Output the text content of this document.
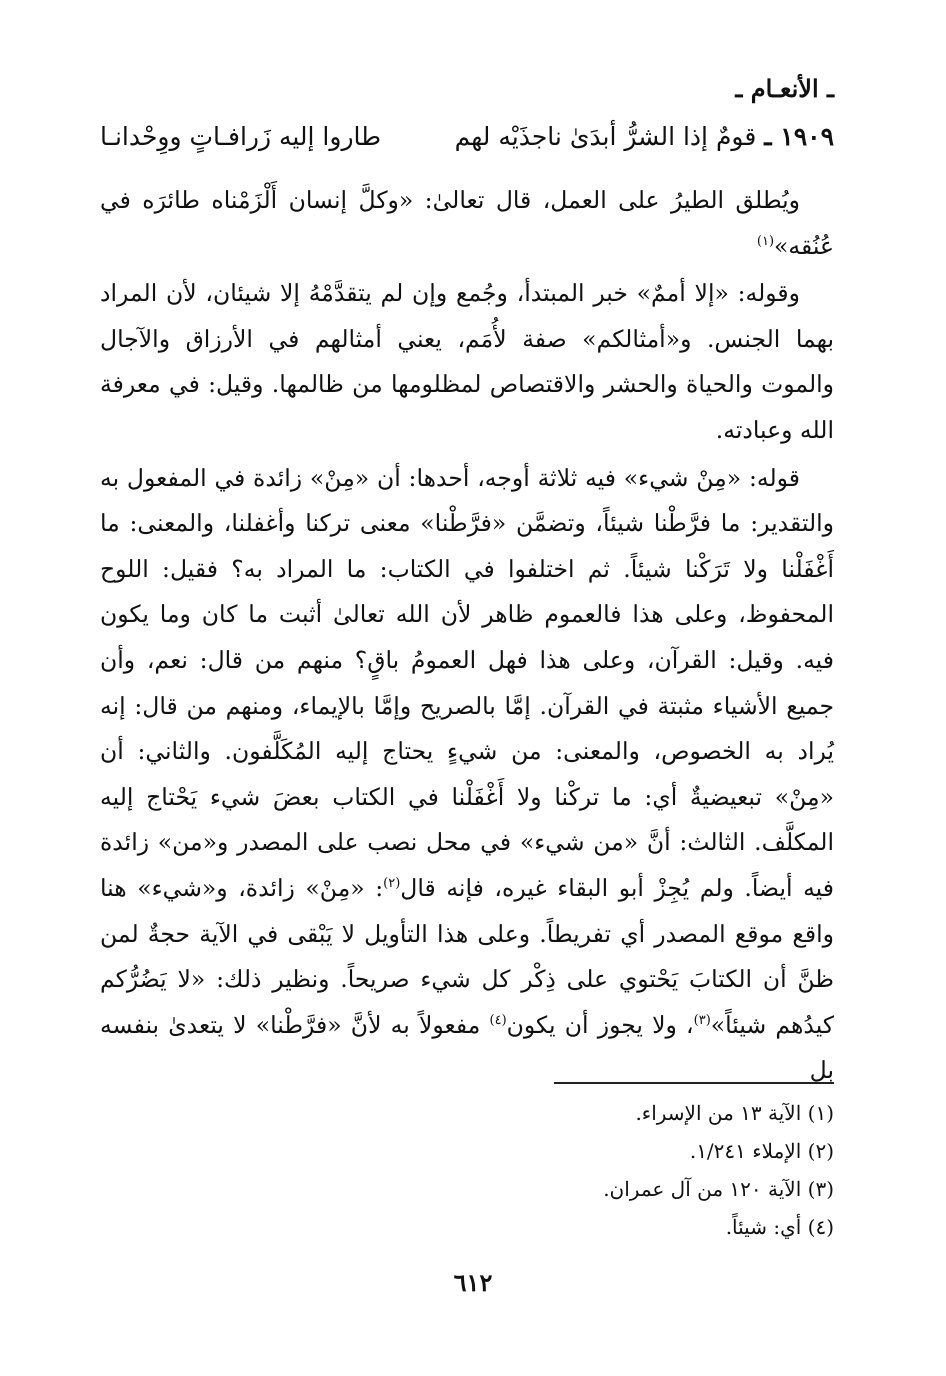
ـ الأنعـام ـ
١٩٠٩ ـ قومٌ إذا الشرُّ أبدَىٰ ناجذَيْه لهم
طاروا إليه زَرافـاتٍ ووِحْدانـا

ويُطلق الطيرُ على العمل، قال تعالىٰ: «وكلَّ إنسان أَلْزَمْناه طائرَه في عُنُقه»$^{(١)}$

وقوله: «إلا أممٌ» خبر المبتدأ، وجُمع وإن لم يتقدَّمْهُ إلا شيئان، لأن المراد بهما الجنس. و«أمثالكم» صفة لأُمَم، يعني أمثالهم في الأرزاق والآجال والموت والحياة والحشر والاقتصاص لمظلومها من ظالمها. وقيل: في معرفة الله وعبادته.

قوله: «مِنْ شيء» فيه ثلاثة أوجه، أحدها: أن «مِنْ» زائدة في المفعول به والتقدير: ما فرَّطْنا شيئاً، وتضمَّن «فرَّطْنا» معنى تركنا وأغفلنا، والمعنى: ما أَغْفَلْنا ولا تَرَكْنا شيئاً. ثم اختلفوا في الكتاب: ما المراد به؟ فقيل: اللوح المحفوظ، وعلى هذا فالعموم ظاهر لأن الله تعالىٰ أثبت ما كان وما يكون فيه. وقيل: القرآن، وعلى هذا فهل العمومُ باقٍ؟ منهم من قال: نعم، وأن جميع الأشياء مثبتة في القرآن. إمَّا بالصريح وإمَّا بالإيماء، ومنهم من قال: إنه يُراد به الخصوص، والمعنى: من شيءٍ يحتاج إليه المُكَلَّفون. والثاني: أن «مِنْ» تبعيضيةٌ أي: ما تركْنا ولا أَغْفَلْنا في الكتاب بعضَ شيء يَحْتاج إليه المكلَّف. الثالث: أنَّ «من شيء» في محل نصب على المصدر و«من» زائدة فيه أيضاً. ولم يُجِزْ أبو البقاء غيره، فإنه قال$^{(٢)}$: «مِنْ» زائدة، و«شيء» هنا واقع موقع المصدر أي تفريطاً. وعلى هذا التأويل لا يَبْقى في الآية حجةٌ لمن ظنَّ أن الكتابَ يَحْتوي على ذِكْر كل شيء صريحاً. ونظير ذلك: «لا يَضُرُّكم كيدُهم شيئاً»$^{(٣)}$، ولا يجوز أن يكون$^{(٤)}$ مفعولاً به لأنَّ «فرَّطْنا» لا يتعدىٰ بنفسه بل

(١) الآية ١٣ من الإسراء.
(٢) الإملاء ١/٢٤١.
(٣) الآية ١٢٠ من آل عمران.
(٤) أي: شيئاً.
٦١٢
